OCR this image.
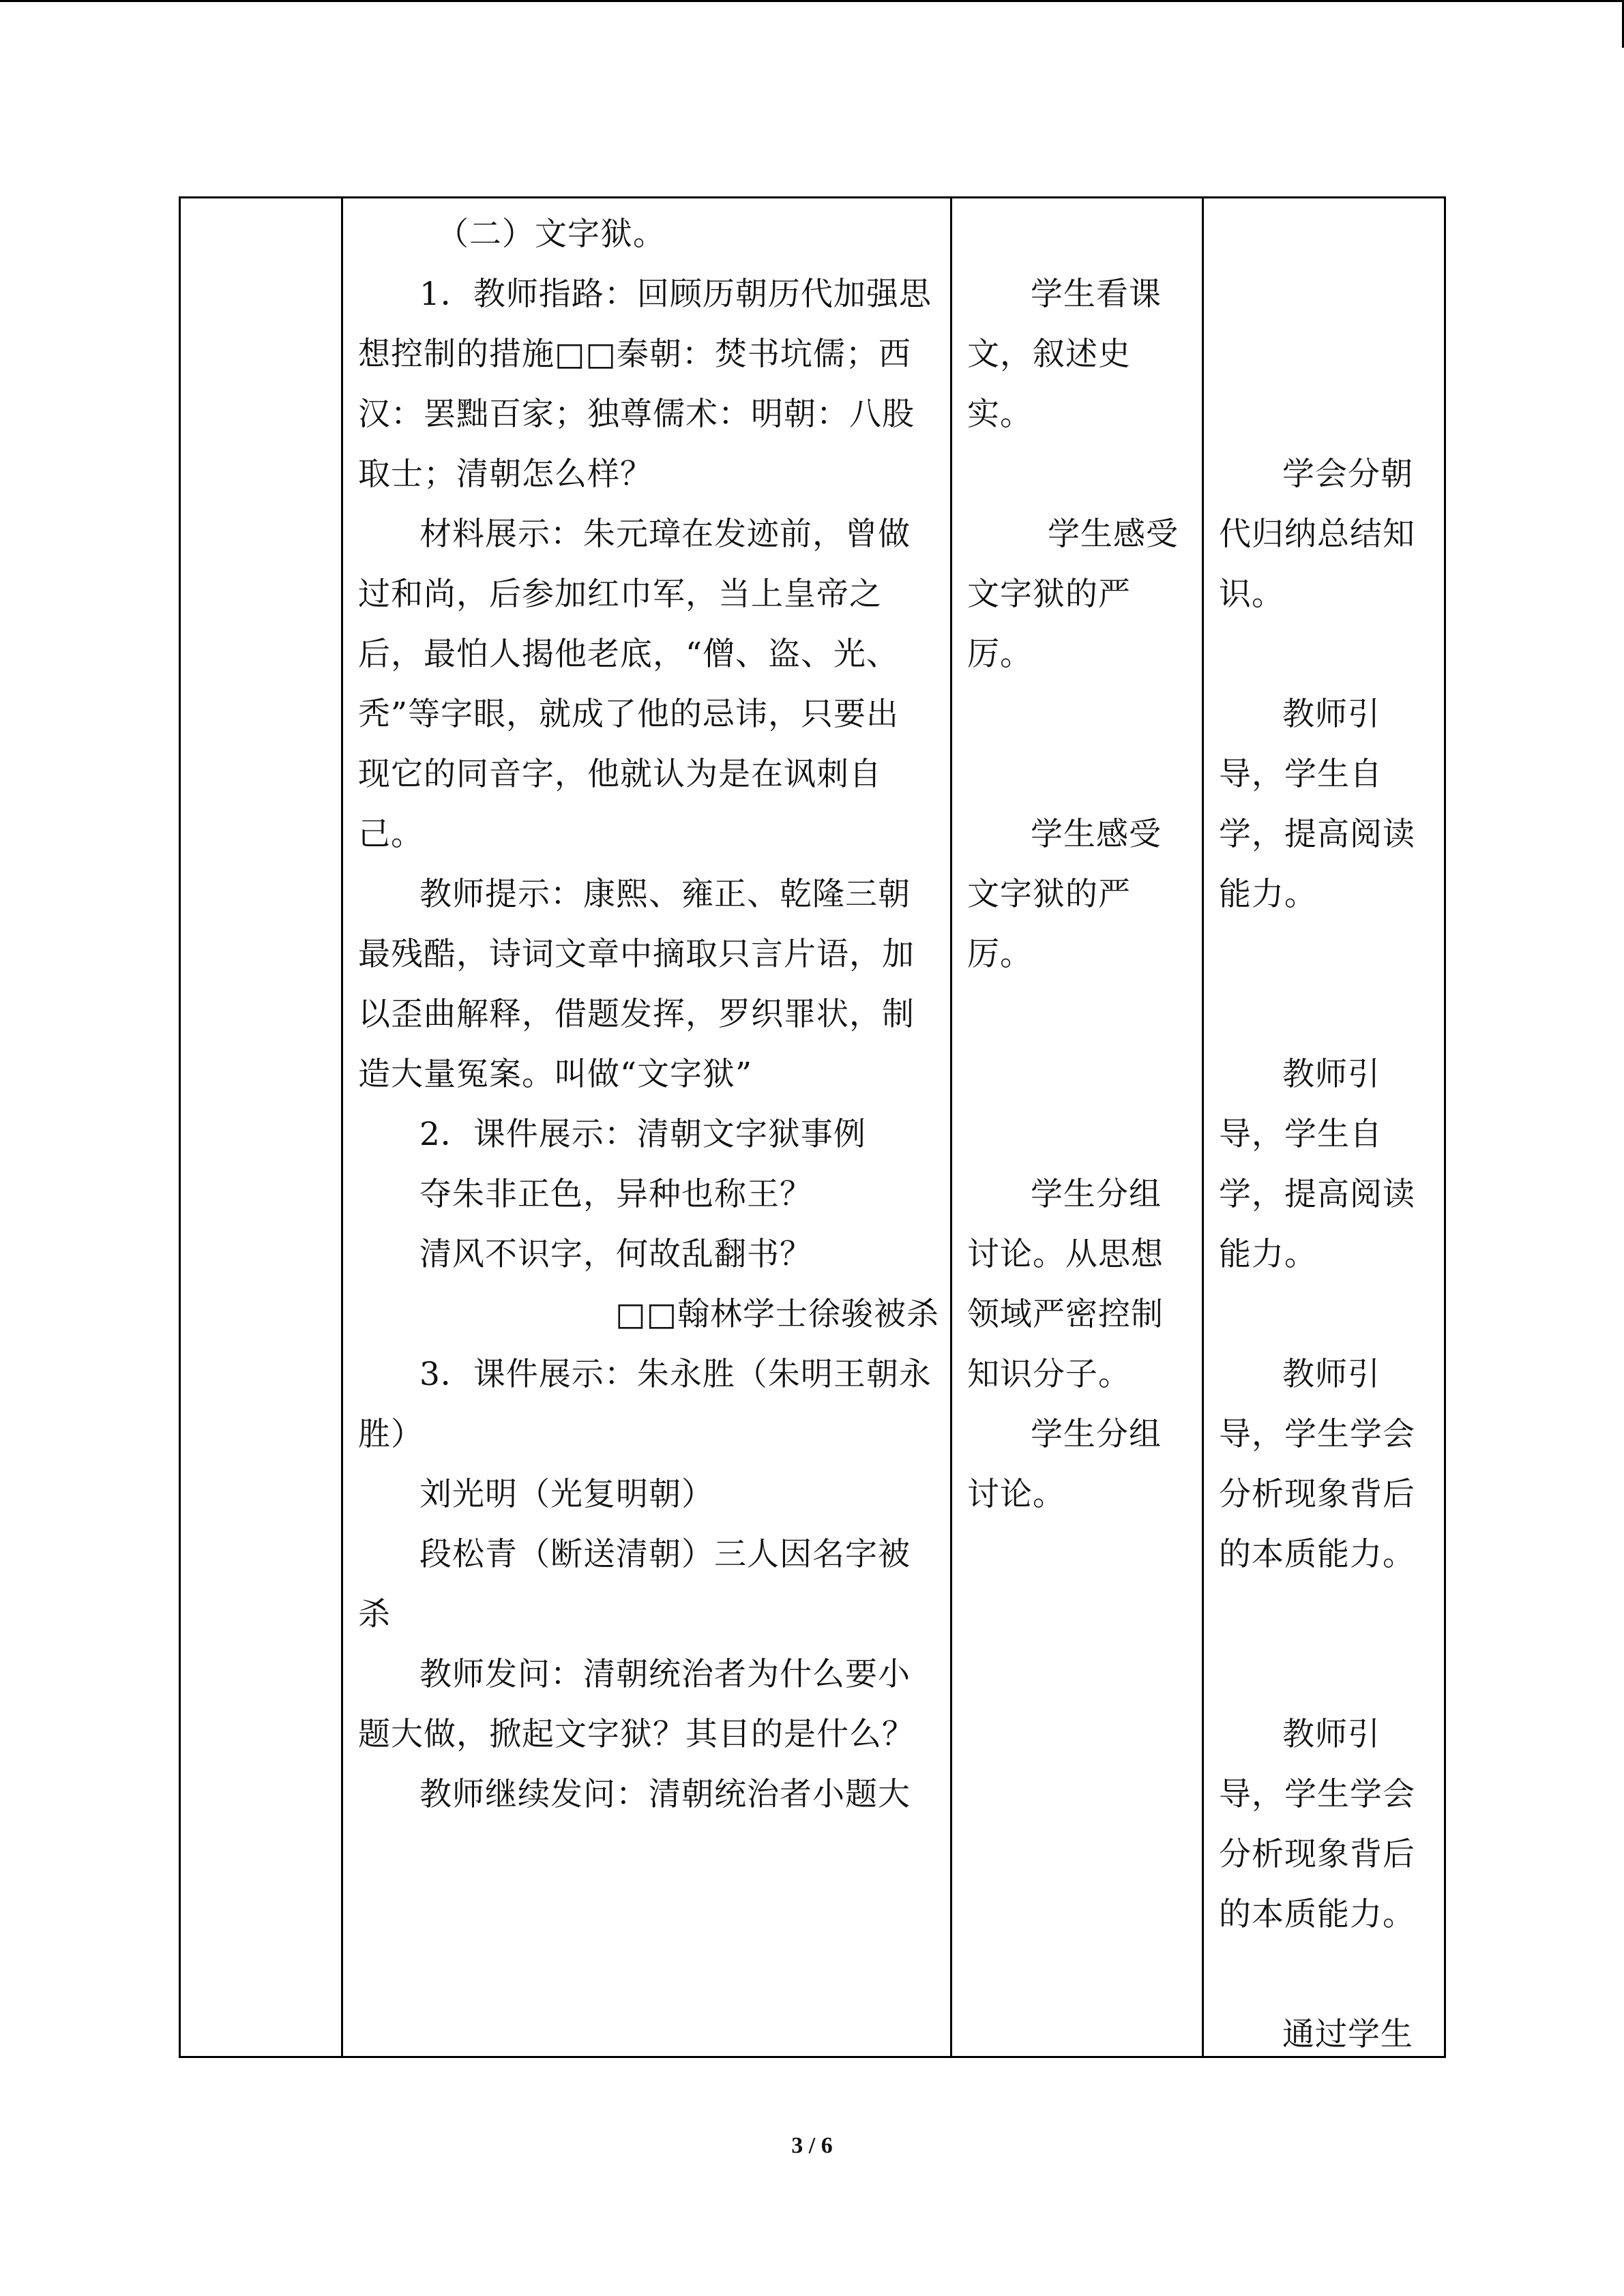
（二）文字狱。

1．教师指路：回顾历朝历代加强思

想控制的措施□□秦朝：焚书坑儒；西

汉：罢黜百家；独尊儒术：明朝：八股

取士；清朝怎么样？

材料展示：朱元璋在发迹前，曾做

过和尚，后参加红巾军，当上皇帝之

后，最怕人揭他老底，“僧、盗、光、

秃”等字眼，就成了他的忌讳，只要出

现它的同音字，他就认为是在讽刺自

己。

教师提示：康熙、雍正、乾隆三朝

最残酷，诗词文章中摘取只言片语，加

以歪曲解释，借题发挥，罗织罪状，制

造大量冤案。叫做“文字狱”

2．课件展示：清朝文字狱事例

夺朱非正色，异种也称王？

清风不识字，何故乱翻书？

□□翰林学士徐骏被杀

3．课件展示：朱永胜（朱明王朝永

胜）

刘光明（光复明朝）

段松青（断送清朝）三人因名字被

杀

教师发问：清朝统治者为什么要小

题大做，掀起文字狱？其目的是什么？

教师继续发问：清朝统治者小题大

学生看课

文，叙述史

实。

学生感受

文字狱的严

厉。

学生感受

文字狱的严

厉。

学生分组

讨论。从思想

领域严密控制

知识分子。

学生分组

讨论。

学会分朝

代归纳总结知

识。

教师引

导，学生自

学，提高阅读

能力。

教师引

导，学生自

学，提高阅读

能力。

教师引

导，学生学会

分析现象背后

的本质能力。

教师引

导，学生学会

分析现象背后

的本质能力。

通过学生

3 / 6
